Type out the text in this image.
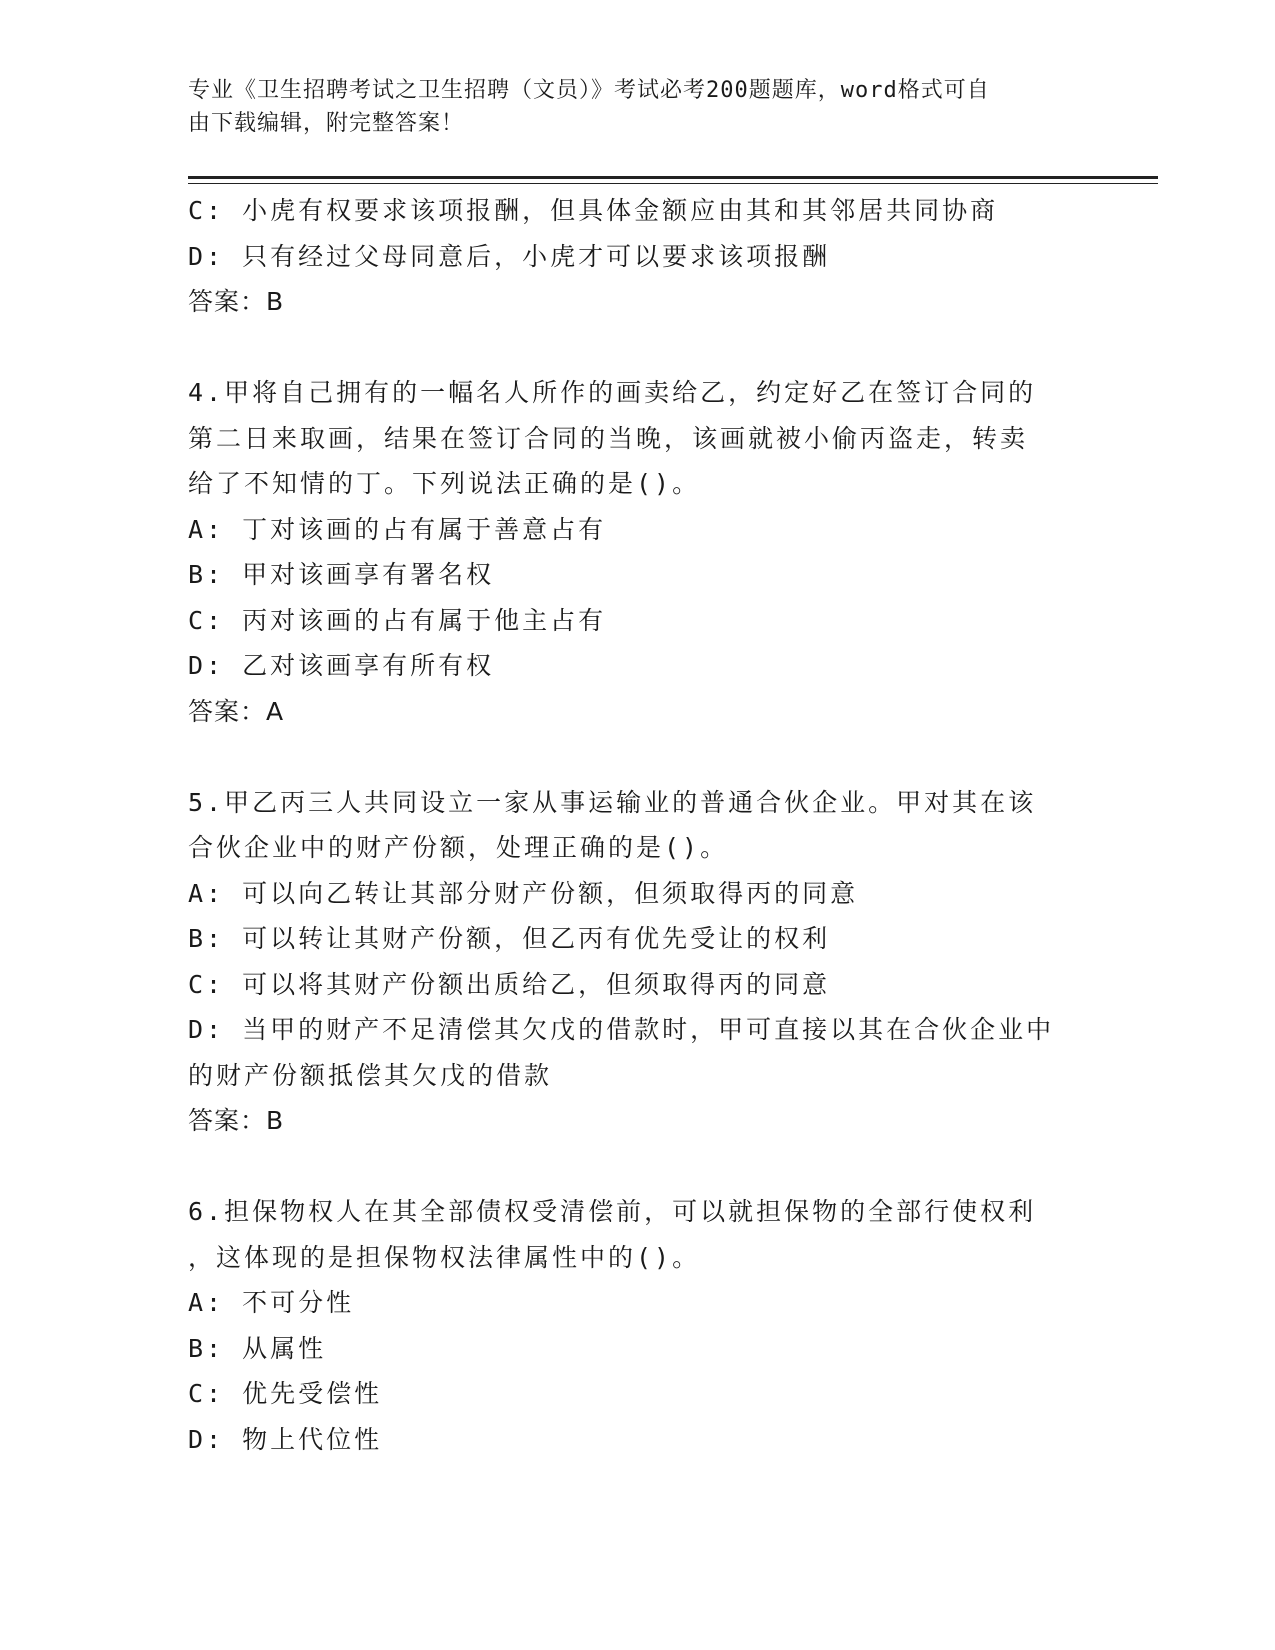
专业《卫生招聘考试之卫生招聘（文员）》考试必考200题题库，word格式可自
由下载编辑，附完整答案！
C: 小虎有权要求该项报酬，但具体金额应由其和其邻居共同协商
D: 只有经过父母同意后，小虎才可以要求该项报酬
答案：B
4.甲将自己拥有的一幅名人所作的画卖给乙，约定好乙在签订合同的
第二日来取画，结果在签订合同的当晚，该画就被小偷丙盗走，转卖
给了不知情的丁。下列说法正确的是()。
A: 丁对该画的占有属于善意占有
B: 甲对该画享有署名权
C: 丙对该画的占有属于他主占有
D: 乙对该画享有所有权
答案：A
5.甲乙丙三人共同设立一家从事运输业的普通合伙企业。甲对其在该
合伙企业中的财产份额，处理正确的是()。
A: 可以向乙转让其部分财产份额，但须取得丙的同意
B: 可以转让其财产份额，但乙丙有优先受让的权利
C: 可以将其财产份额出质给乙，但须取得丙的同意
D: 当甲的财产不足清偿其欠戊的借款时，甲可直接以其在合伙企业中
的财产份额抵偿其欠戊的借款
答案：B
6.担保物权人在其全部债权受清偿前，可以就担保物的全部行使权利
，这体现的是担保物权法律属性中的()。
A: 不可分性
B: 从属性
C: 优先受偿性
D: 物上代位性
